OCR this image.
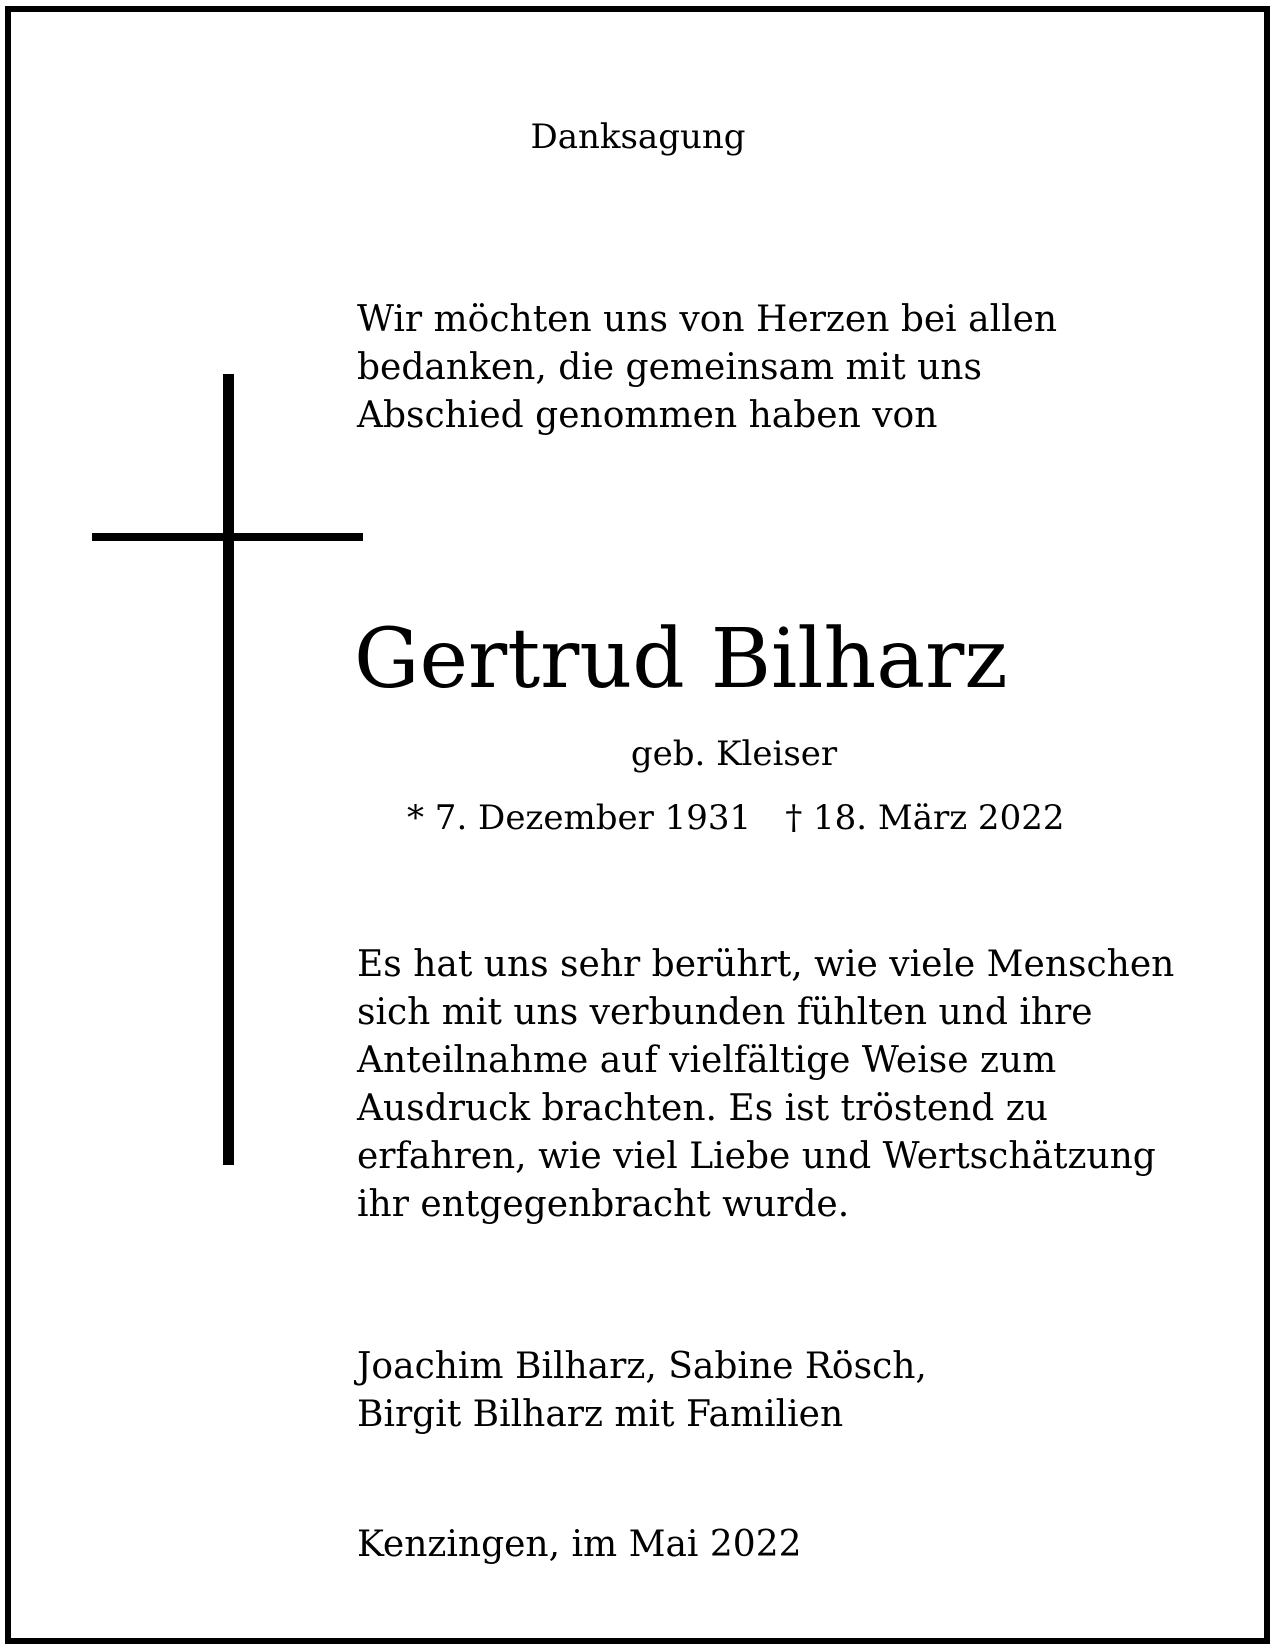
Danksagung
Wir möchten uns von Herzen bei allen
bedanken, die gemeinsam mit uns
Abschied genommen haben von
Gertrud Bilharz
geb. Kleiser
* 7. Dezember 1931 † 18. März 2022
Es hat uns sehr berührt, wie viele Menschen
sich mit uns verbunden fühlten und ihre
Anteilnahme auf vielfältige Weise zum
Ausdruck brachten. Es ist tröstend zu
erfahren, wie viel Liebe und Wertschätzung
ihr entgegenbracht wurde.
Joachim Bilharz, Sabine Rösch,
Birgit Bilharz mit Familien
Kenzingen, im Mai 2022
